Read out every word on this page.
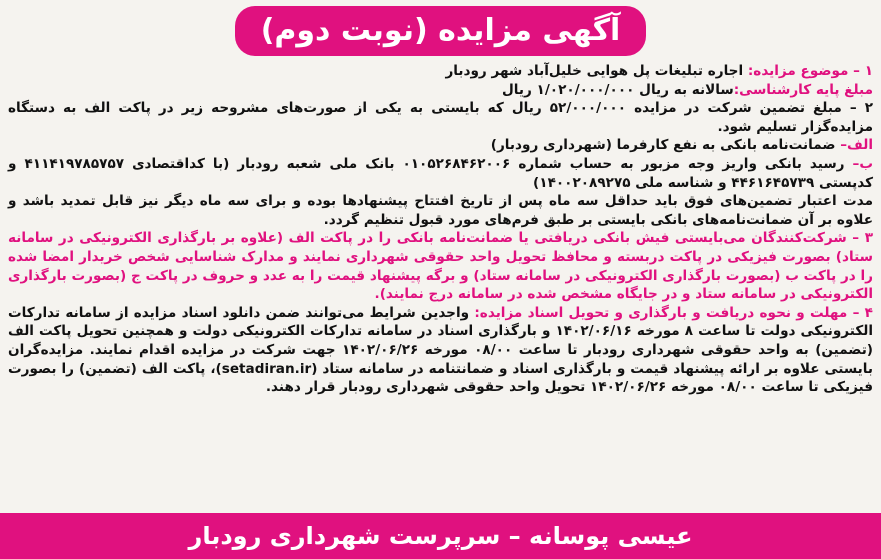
آگهی مزایده (نوبت دوم)

۱ – موضوع مزایده: اجاره تبلیغات پل هوایی خلیل‌آباد شهر رودبار

مبلغ پایه کارشناسی:سالانه به ریال ۱/۰۲۰/۰۰۰/۰۰۰ ریال

۲ – مبلغ تضمین شرکت در مزایده ۵۲/۰۰۰/۰۰۰ ریال که بایستی به یکی از صورت‌های مشروحه زیر در پاکت الف به دستگاه مزایده‌گزار تسلیم شود.

الف– ضمانت‌نامه بانکی به نفع کارفرما (شهرداری رودبار)

ب– رسید بانکی واریز وجه مزبور به حساب شماره ۰۱۰۵۲۶۸۴۶۲۰۰۶ بانک ملی شعبه رودبار (با کداقتصادی ۴۱۱۴۱۹۷۸۵۷۵۷ و کدپستی ۴۴۶۱۶۴۵۷۳۹ و شناسه ملی ۱۴۰۰۲۰۸۹۲۷۵)

مدت اعتبار تضمین‌های فوق باید حداقل سه ماه پس از تاریخ افتتاح پیشنهادها بوده و برای سه ماه دیگر نیز قابل تمدید باشد و علاوه بر آن ضمانت‌نامه‌های بانکی بایستی بر طبق فرم‌های مورد قبول تنظیم گردد.

۳ – شرکت‌کنندگان می‌بایستی فیش بانکی دریافتی یا ضمانت‌نامه بانکی را در پاکت الف (علاوه بر بارگذاری الکترونیکی در سامانه ستاد) بصورت فیزیکی در پاکت دربسته و محافظ تحویل واحد حقوقی شهرداری نمایند و مدارک شناسایی شخص خریدار امضا شده را در پاکت ب (بصورت بارگذاری الکترونیکی در سامانه ستاد) و برگه پیشنهاد قیمت را به عدد و حروف در پاکت ج (بصورت بارگذاری الکترونیکی در سامانه ستاد و در جایگاه مشخص شده در سامانه درج نمایند).

۴ – مهلت و نحوه دریافت و بارگذاری و تحویل اسناد مزایده: واجدین شرایط می‌توانند ضمن دانلود اسناد مزایده از سامانه تدارکات الکترونیکی دولت تا ساعت ۸ مورخه ۱۴۰۲/۰۶/۱۶ و بارگذاری اسناد در سامانه تدارکات الکترونیکی دولت و همچنین تحویل پاکت الف (تضمین) به واحد حقوقی شهرداری رودبار تا ساعت ۰۸/۰۰ مورخه ۱۴۰۲/۰۶/۲۶ جهت شرکت در مزایده اقدام نمایند. مزایده‌گران بایستی علاوه بر ارائه پیشنهاد قیمت و بارگذاری اسناد و ضمانتنامه در سامانه ستاد (setadiran.ir)، پاکت الف (تضمین) را بصورت فیزیکی تا ساعت ۰۸/۰۰ مورخه ۱۴۰۲/۰۶/۲۶ تحویل واحد حقوقی شهرداری رودبار قرار دهند.

عیسی پوسانه – سرپرست شهرداری رودبار
